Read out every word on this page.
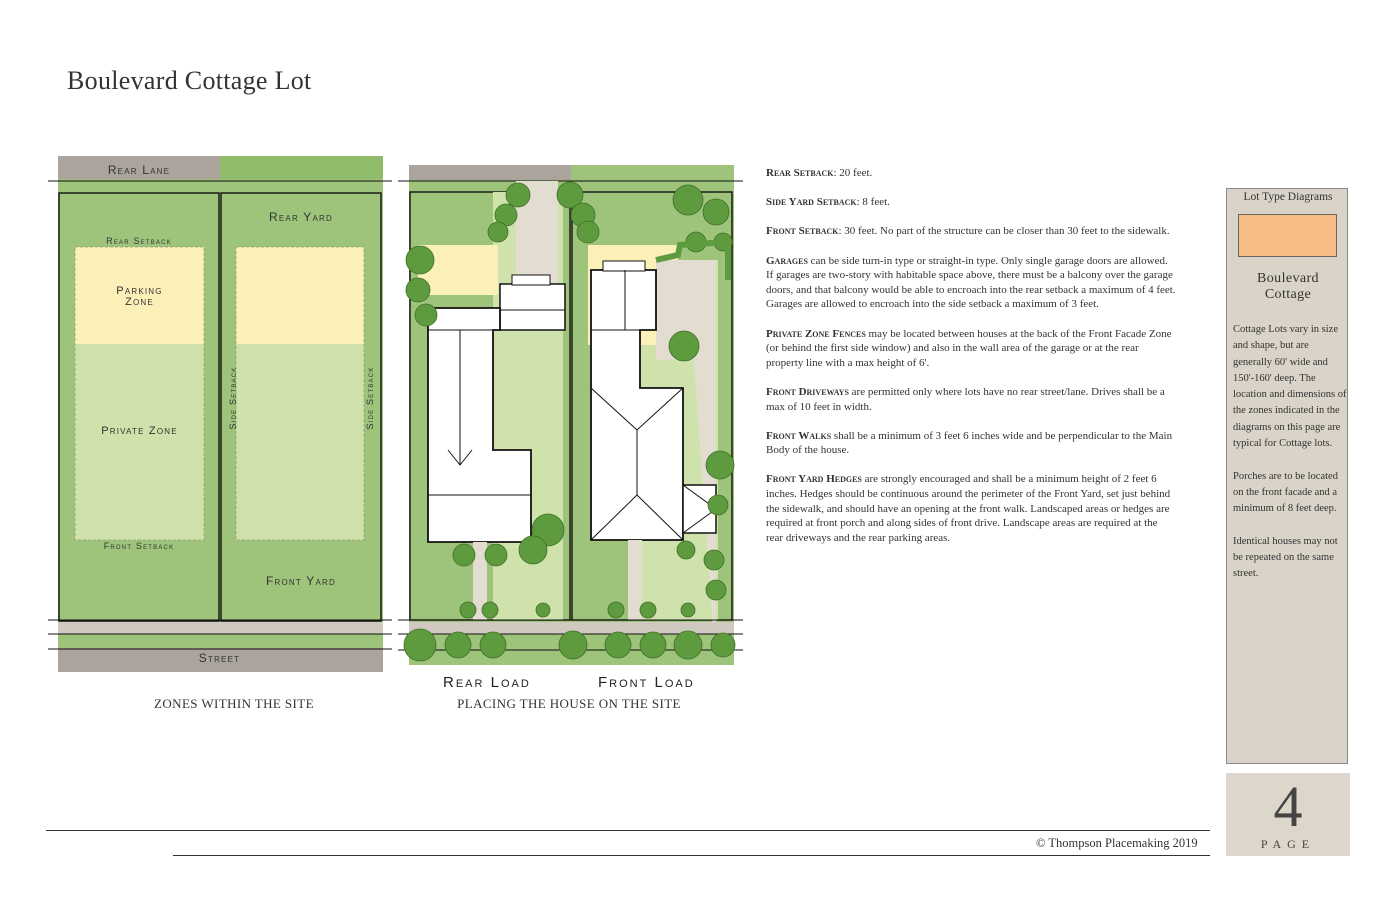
Boulevard Cottage Lot
Rear Lane
Rear Yard
Rear Setback
Parking
Zone
Private Zone
Side Setback	Side Setback
Front Setback
Front Yard
Street
ZONES WITHIN THE SITE
Rear Load	Front Load
PLACING THE HOUSE ON THE SITE

Rear Setback: 20 feet.

Side Yard Setback: 8 feet.

Front Setback: 30 feet. No part of the structure can be closer than 30 feet to the sidewalk.

Garages can be side turn-in type or straight-in type. Only single garage doors are allowed. If garages are two-story with habitable space above, there must be a balcony over the garage doors, and that balcony would be able to encroach into the rear setback a maximum of 4 feet. Garages are allowed to encroach into the side setback a maximum of 3 feet.

Private Zone Fences may be located between houses at the back of the Front Facade Zone (or behind the first side window) and also in the wall area of the garage or at the rear property line with a max height of 6'.

Front Driveways are permitted only where lots have no rear street/lane. Drives shall be a max of 10 feet in width.

Front Walks shall be a minimum of 3 feet 6 inches wide and be perpendicular to the Main Body of the house.

Front Yard Hedges are strongly encouraged and shall be a minimum height of 2 feet 6 inches. Hedges should be continuous around the perimeter of the Front Yard, set just behind the sidewalk, and should have an opening at the front walk. Landscaped areas or hedges are required at front porch and along sides of front drive. Landscape areas are required at the rear driveways and the rear parking areas.

Lot Type Diagrams
Boulevard
Cottage

Cottage Lots vary in size and shape, but are generally 60' wide and 150'-160' deep. The location and dimensions of the zones indicated in the diagrams on this page are typical for Cottage lots.

Porches are to be located on the front facade and a minimum of 8 feet deep.

Identical houses may not be repeated on the same street.

4
PAGE
© Thompson Placemaking 2019
